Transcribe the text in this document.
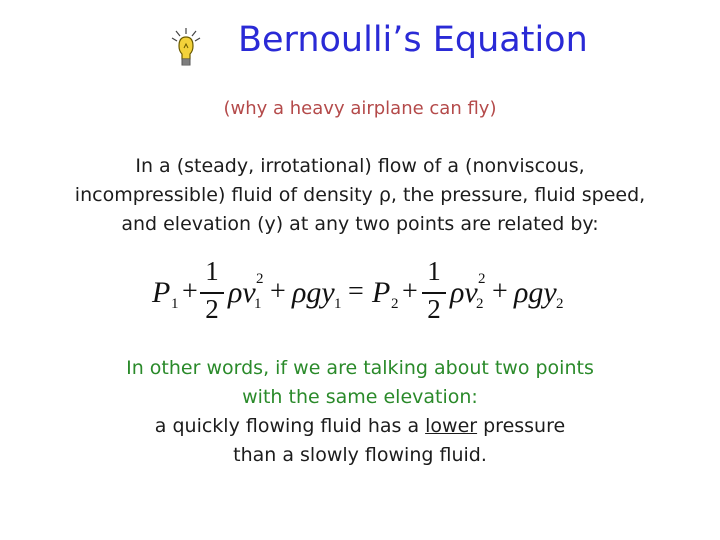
Bernoulli’s Equation
(why a heavy airplane can fly)
In a (steady, irrotational) flow of a (nonviscous,
incompressible) fluid of density ρ, the pressure, fluid speed,
and elevation (y) at any two points are related by:
P 1 +
1
2 ρv 2
1 + ρgy 1 = P 2 +
1
2 ρv 2
2 + ρgy 2
In other words, if we are talking about two points
with the same elevation:
a quickly flowing fluid has a lower pressure
than a slowly flowing fluid.
